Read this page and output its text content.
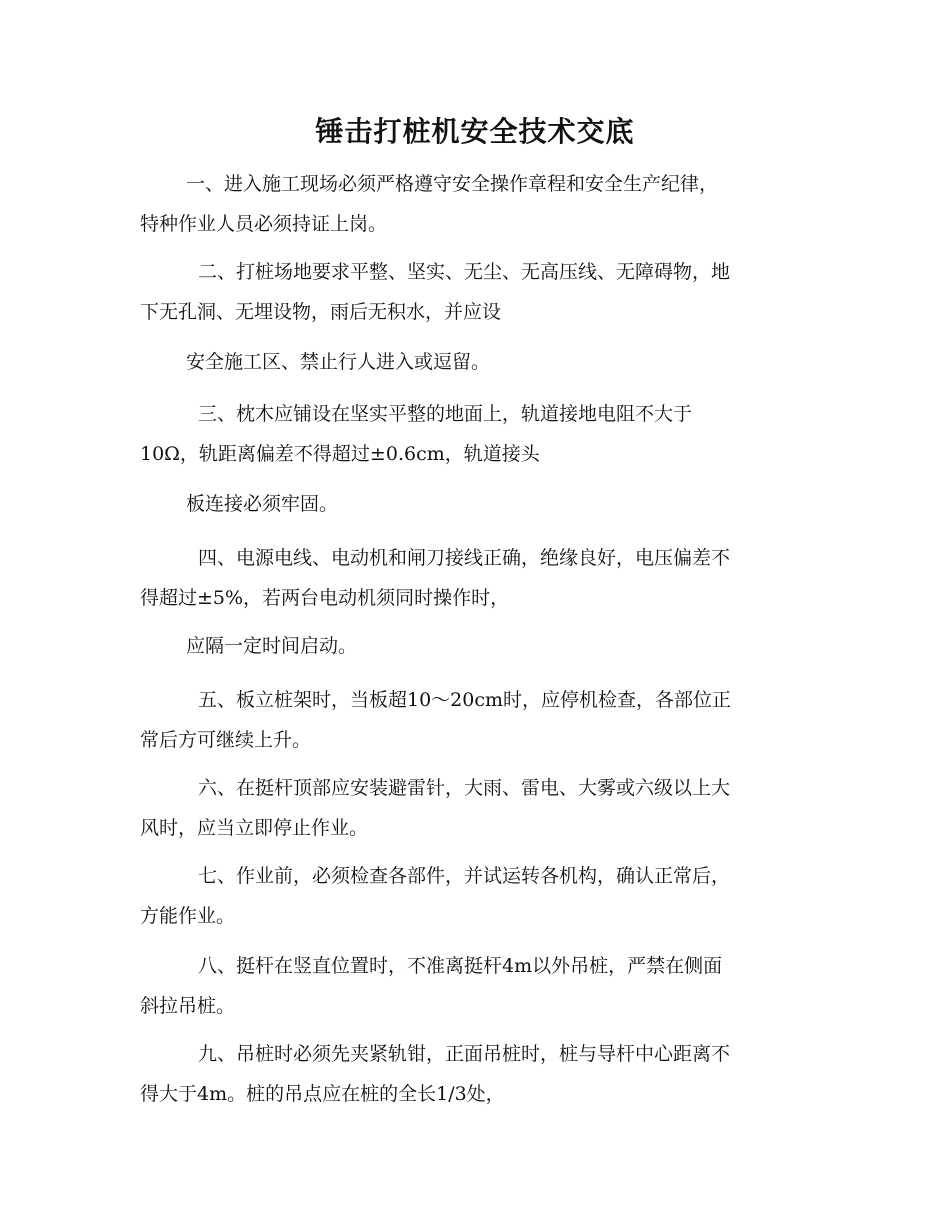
锤击打桩机安全技术交底
一、进入施工现场必须严格遵守安全操作章程和安全生产纪律，
特种作业人员必须持证上岗。
二、打桩场地要求平整、坚实、无尘、无高压线、无障碍物，地
下无孔洞、无埋设物，雨后无积水，并应设
安全施工区、禁止行人进入或逗留。
三、枕木应铺设在坚实平整的地面上，轨道接地电阻不大于
10Ω，轨距离偏差不得超过±0.6cm，轨道接头
板连接必须牢固。
四、电源电线、电动机和闸刀接线正确，绝缘良好，电压偏差不
得超过±5%，若两台电动机须同时操作时，
应隔一定时间启动。
五、板立桩架时，当板超10～20cm时，应停机检查，各部位正
常后方可继续上升。
六、在挺杆顶部应安装避雷针，大雨、雷电、大雾或六级以上大
风时，应当立即停止作业。
七、作业前，必须检查各部件，并试运转各机构，确认正常后，
方能作业。
八、挺杆在竖直位置时，不准离挺杆4m以外吊桩，严禁在侧面
斜拉吊桩。
九、吊桩时必须先夹紧轨钳，正面吊桩时，桩与导杆中心距离不
得大于4m。桩的吊点应在桩的全长1/3处，
